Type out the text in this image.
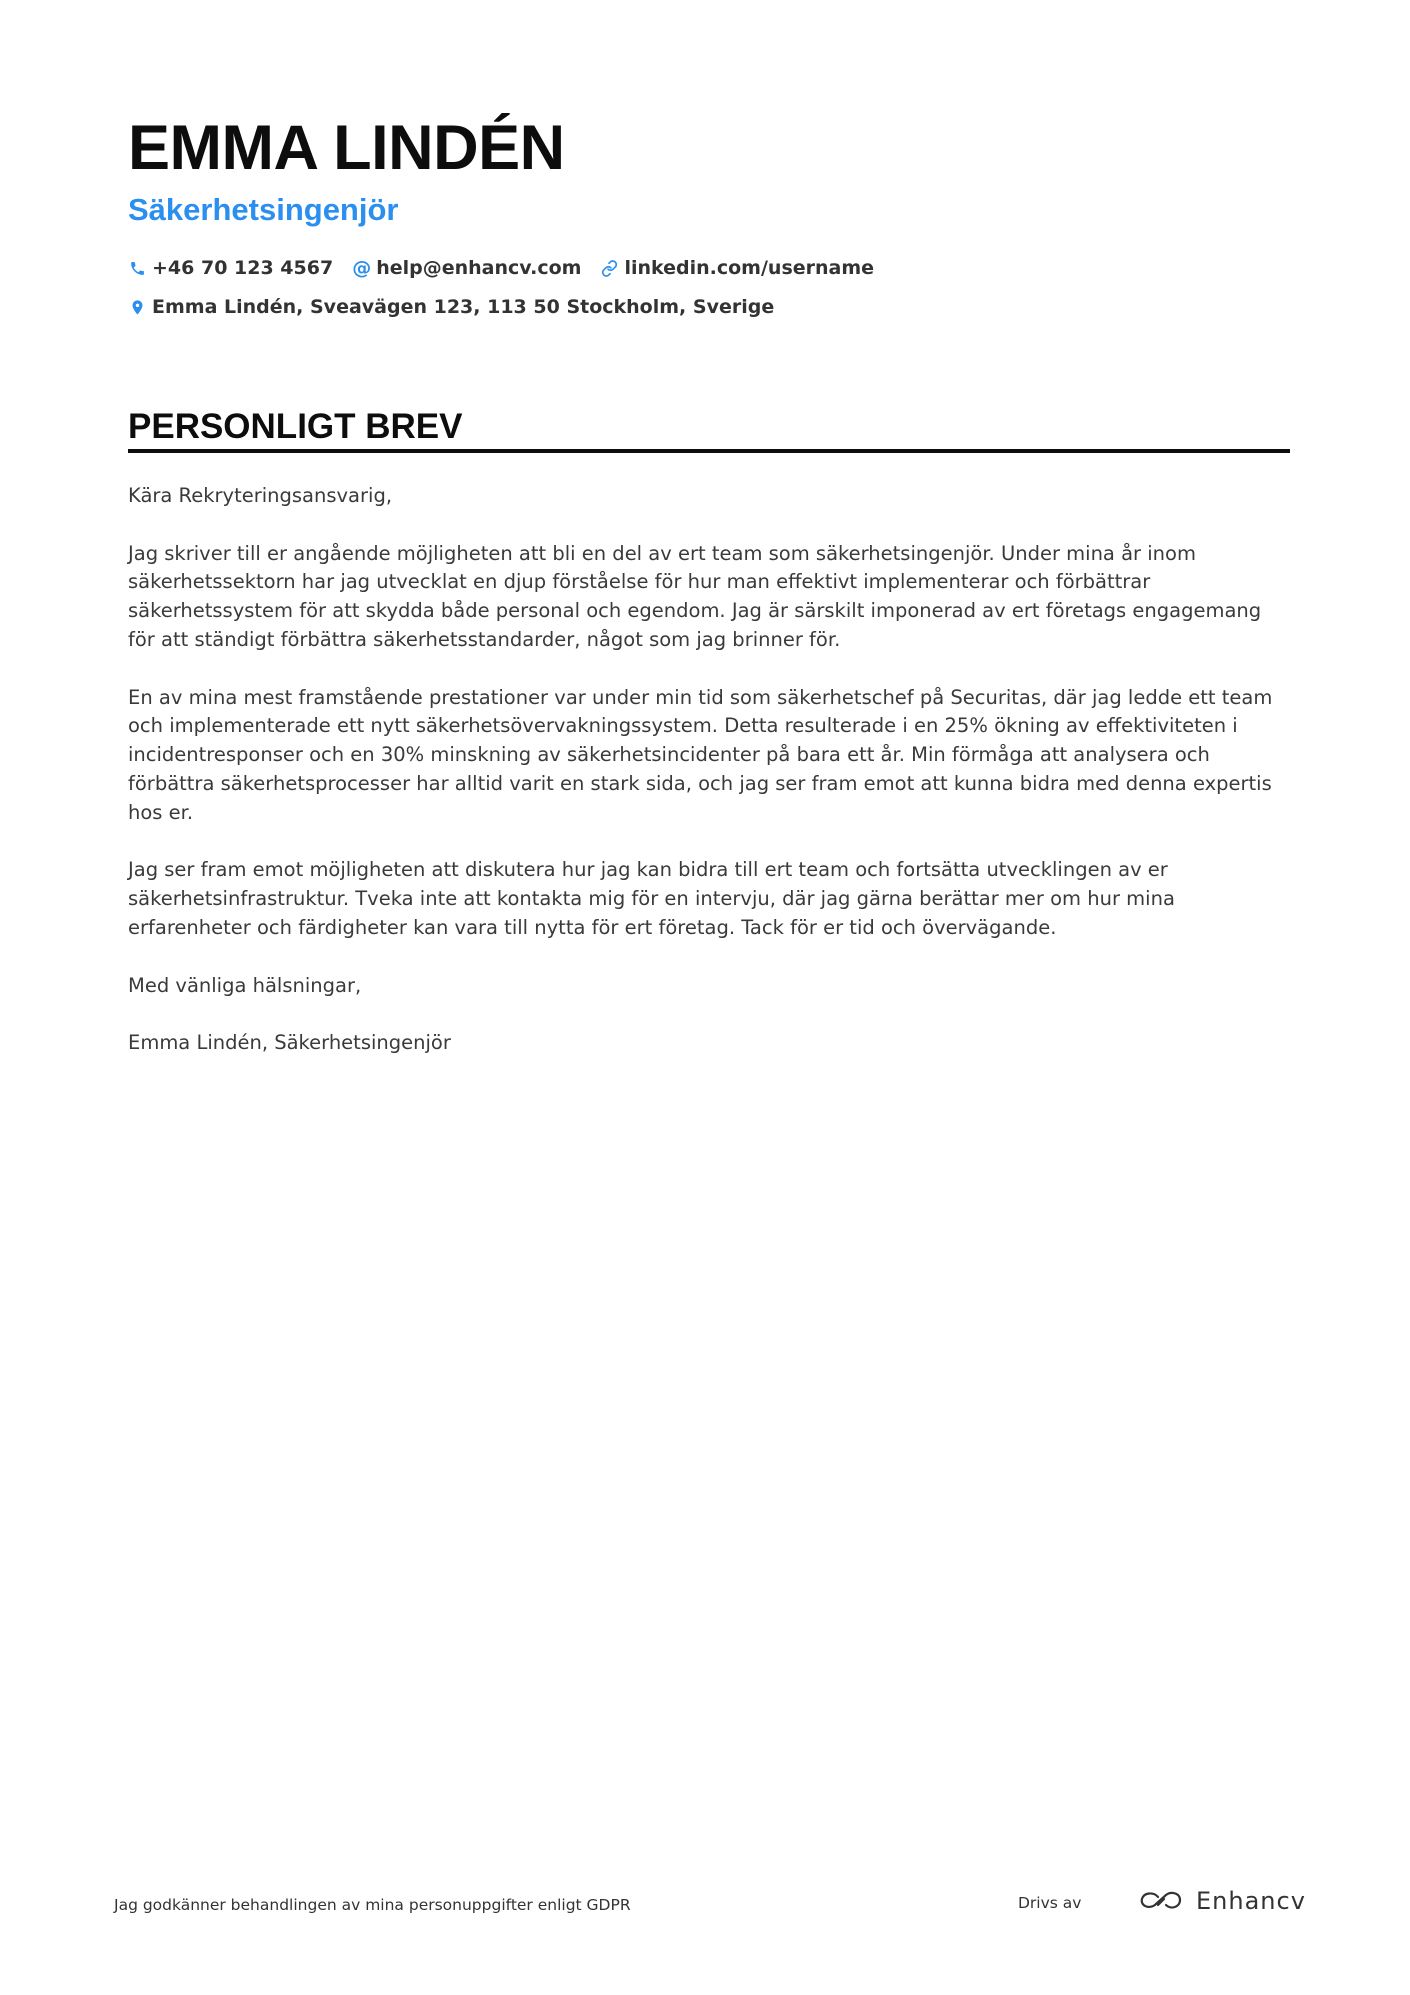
EMMA LINDÉN
Säkerhetsingenjör
+46 70 123 4567 @ help@enhancv.com linkedin.com/username
Emma Lindén, Sveavägen 123, 113 50 Stockholm, Sverige
PERSONLIGT BREV

Kära Rekryteringsansvarig,

Jag skriver till er angående möjligheten att bli en del av ert team som säkerhetsingenjör. Under mina år inom säkerhetssektorn har jag utvecklat en djup förståelse för hur man effektivt implementerar och förbättrar säkerhetssystem för att skydda både personal och egendom. Jag är särskilt imponerad av ert företags engagemang för att ständigt förbättra säkerhetsstandarder, något som jag brinner för.

En av mina mest framstående prestationer var under min tid som säkerhetschef på Securitas, där jag ledde ett team och implementerade ett nytt säkerhetsövervakningssystem. Detta resulterade i en 25% ökning av effektiviteten i incidentresponser och en 30% minskning av säkerhetsincidenter på bara ett år. Min förmåga att analysera och förbättra säkerhetsprocesser har alltid varit en stark sida, och jag ser fram emot att kunna bidra med denna expertis hos er.

Jag ser fram emot möjligheten att diskutera hur jag kan bidra till ert team och fortsätta utvecklingen av er säkerhetsinfrastruktur. Tveka inte att kontakta mig för en intervju, där jag gärna berättar mer om hur mina erfarenheter och färdigheter kan vara till nytta för ert företag. Tack för er tid och övervägande.

Med vänliga hälsningar,

Emma Lindén, Säkerhetsingenjör

Jag godkänner behandlingen av mina personuppgifter enligt GDPR	Drivs av	Enhancv
